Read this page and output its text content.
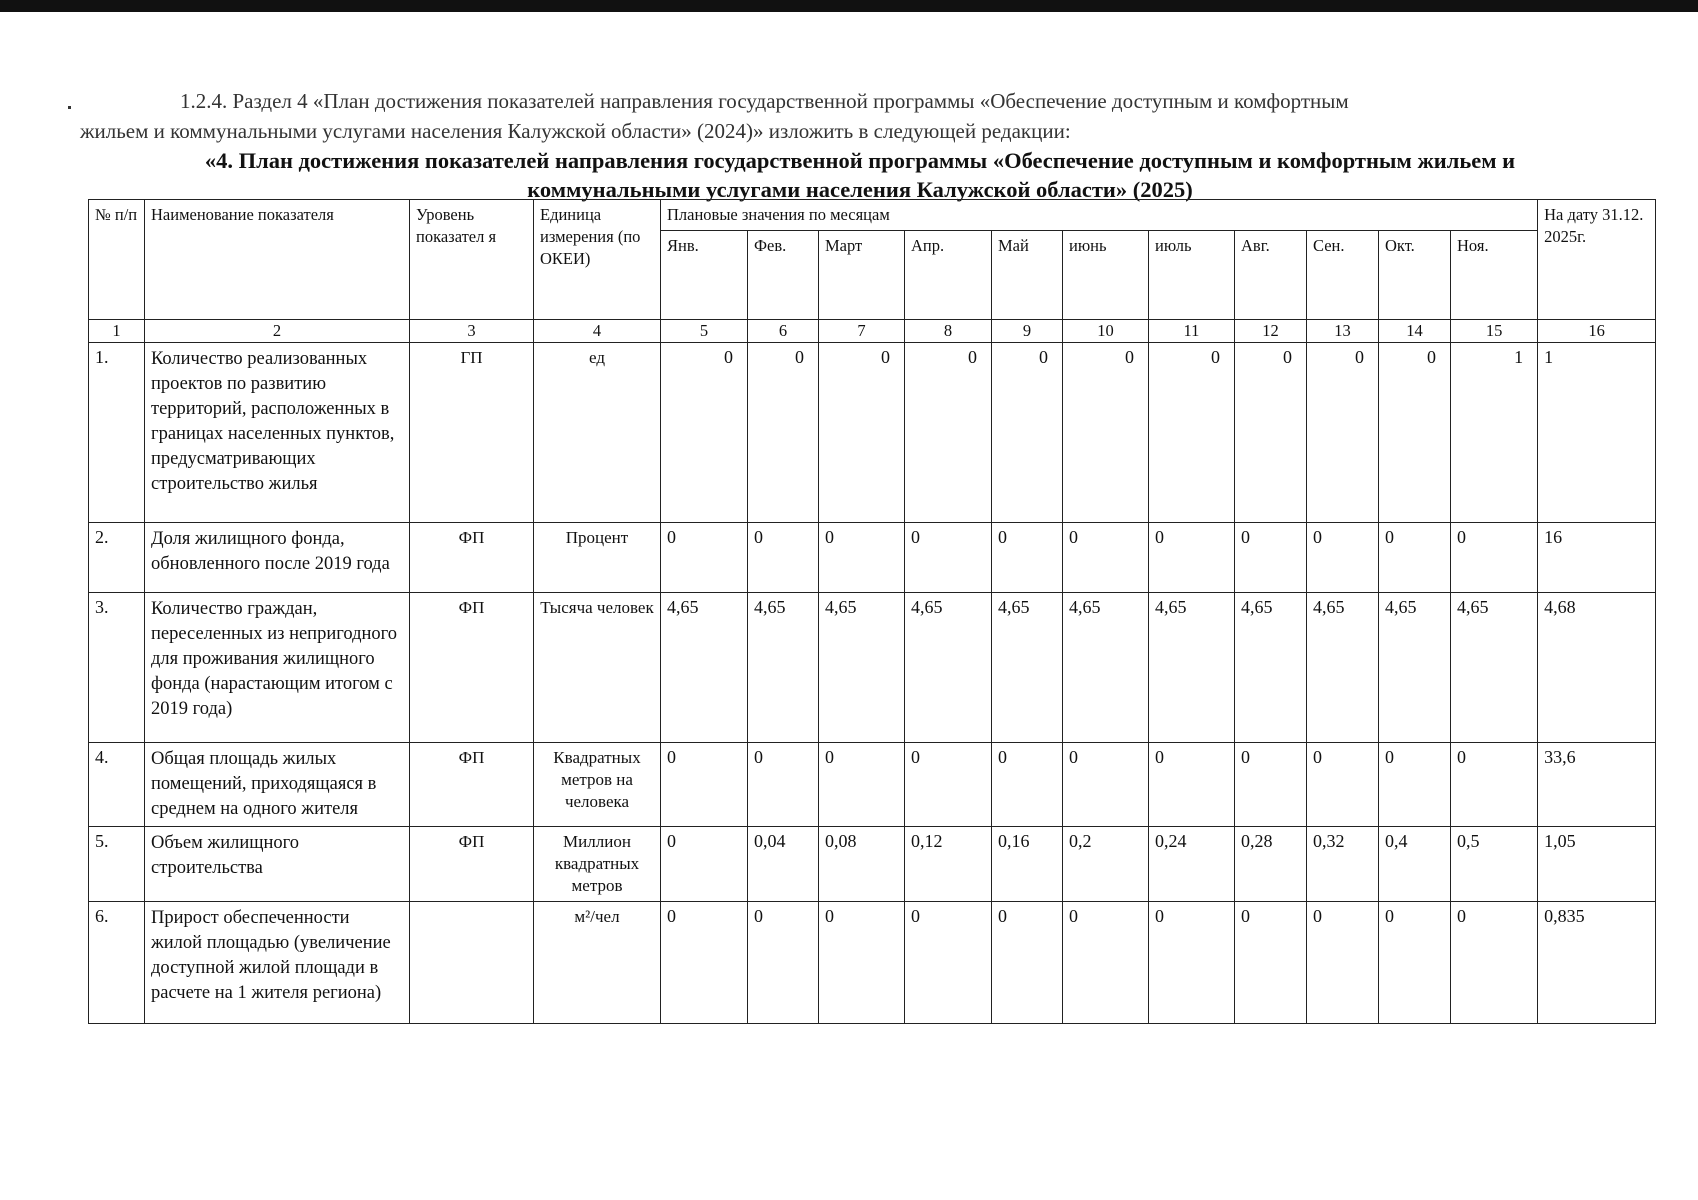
1.2.4. Раздел 4 «План достижения показателей направления государственной программы «Обеспечение доступным и комфортным
жильем и коммунальными услугами населения Калужской области» (2024)» изложить в следующей редакции:
«4. План достижения показателей направления государственной программы «Обеспечение доступным и комфортным жильем и
коммунальными услугами населения Калужской области» (2025)
№ п/п	Наименование показателя	Уровень показател я	Единица измерения (по ОКЕИ)	Плановые значения по месяцам											На дату 31.12. 2025г.
				Янв.	Фев.	Март	Апр.	Май	июнь	июль	Авг.	Сен.	Окт.	Ноя.	
1	2	3	4	5	6	7	8	9	10	11	12	13	14	15	16
1.	Количество реализованных проектов по развитию территорий, расположенных в границах населенных пунктов, предусматривающих строительство жилья	ГП	ед	0	0	0	0	0	0	0	0	0	0	1	1
2.	Доля жилищного фонда, обновленного после 2019 года	ФП	Процент	0	0	0	0	0	0	0	0	0	0	0	16
3.	Количество граждан, переселенных из непригодного для проживания жилищного фонда (нарастающим итогом с 2019 года)	ФП	Тысяча человек	4,65	4,65	4,65	4,65	4,65	4,65	4,65	4,65	4,65	4,65	4,65	4,68
4.	Общая площадь жилых помещений, приходящаяся в среднем на одного жителя	ФП	Квадратных метров на человека	0	0	0	0	0	0	0	0	0	0	0	33,6
5.	Объем жилищного строительства	ФП	Миллион квадратных метров	0	0,04	0,08	0,12	0,16	0,2	0,24	0,28	0,32	0,4	0,5	1,05
6.	Прирост обеспеченности жилой площадью (увеличение доступной жилой площади в расчете на 1 жителя региона)		м²/чел	0	0	0	0	0	0	0	0	0	0	0	0,835
